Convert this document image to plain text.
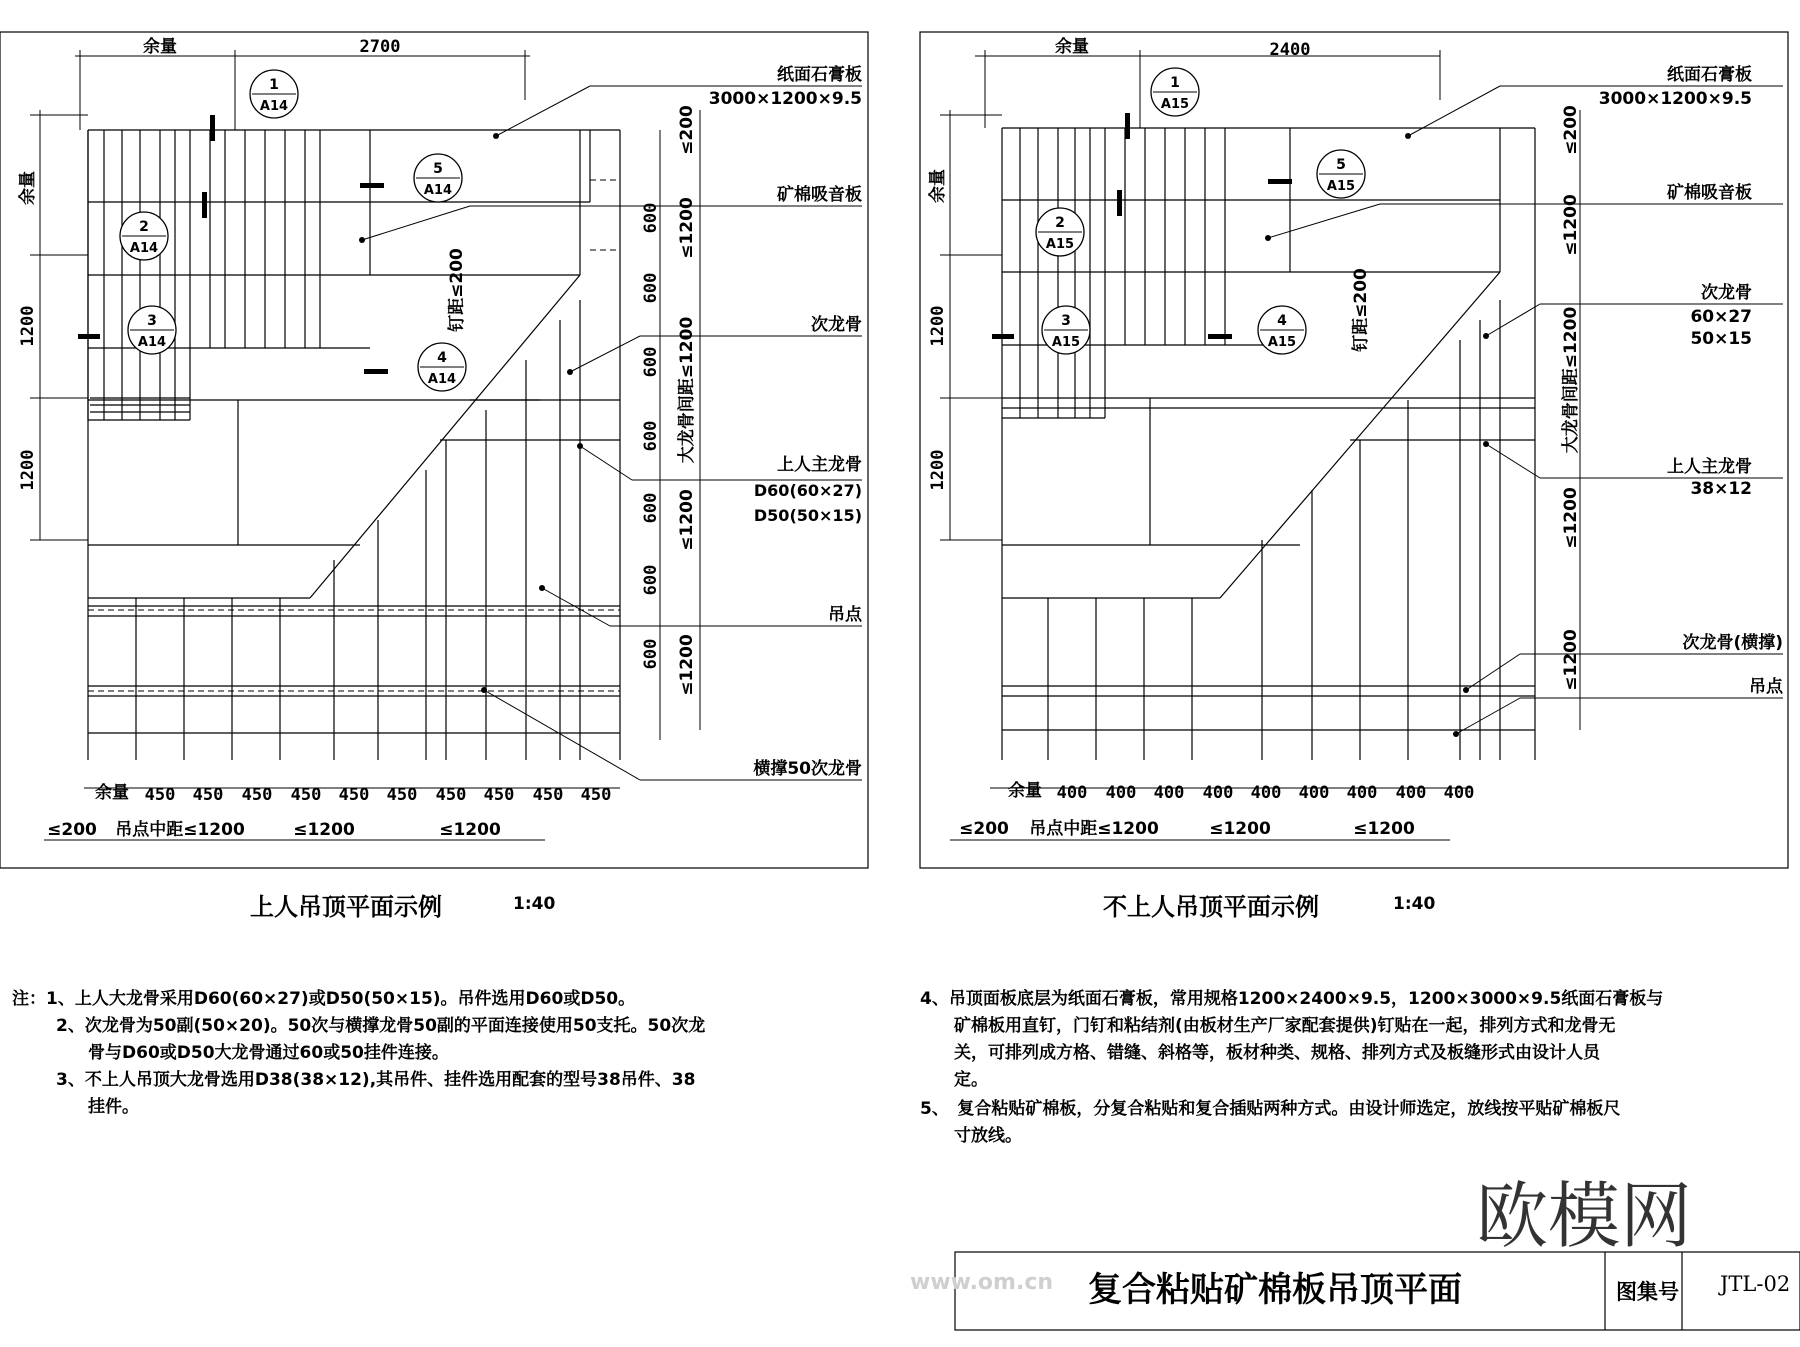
1
A14
2
A14
3
A14
4
A14
5
A14
1
A15
2
A15
3
A15
4
A15
5
A15
余量	2700	余量	2400
余量
1200
1200
余量
1200
1200
≤200
≤1200
大龙骨间距≤1200
≤1200
≤1200
600
600
600
600
600
600
600
钉距≤200
≤200
≤1200
大龙骨间距≤1200
≤1200
≤1200
钉距≤200
纸面石膏板
3000×1200×9.5
矿棉吸音板
次龙骨
上人主龙骨
D60(60×27)
D50(50×15)
吊点
横撑50次龙骨
纸面石膏板
3000×1200×9.5
矿棉吸音板
次龙骨
60×27
50×15
上人主龙骨
38×12
次龙骨(横撑)
吊点
余量 450 450 450 450 450 450 450 450 450 450
≤200 吊点中距≤1200	≤1200	≤1200
余量 400 400 400 400 400 400 400 400 400
≤200 吊点中距≤1200	≤1200	≤1200
上人吊顶平面示例	1:40	不上人吊顶平面示例	1:40

注：1、上人大龙骨采用D60(60×27)或D50(50×15)。吊件选用D60或D50。

2、次龙骨为50副(50×20)。50次与横撑龙骨50副的平面连接使用50支托。50次龙

骨与D60或D50大龙骨通过60或50挂件连接。

3、不上人吊顶大龙骨选用D38(38×12),其吊件、挂件选用配套的型号38吊件、38

挂件。

4、吊顶面板底层为纸面石膏板，常用规格1200×2400×9.5，1200×3000×9.5纸面石膏板与

矿棉板用直钉，门钉和粘结剂(由板材生产厂家配套提供)钉贴在一起，排列方式和龙骨无

关，可排列成方格、错缝、斜格等，板材种类、规格、排列方式及板缝形式由设计人员

定。

5、　复合粘贴矿棉板，分复合粘贴和复合插贴两种方式。由设计师选定，放线按平贴矿棉板尺

寸放线。

欧模网
www.om.cn 复合粘贴矿棉板吊顶平面	图集号 JTL-02
